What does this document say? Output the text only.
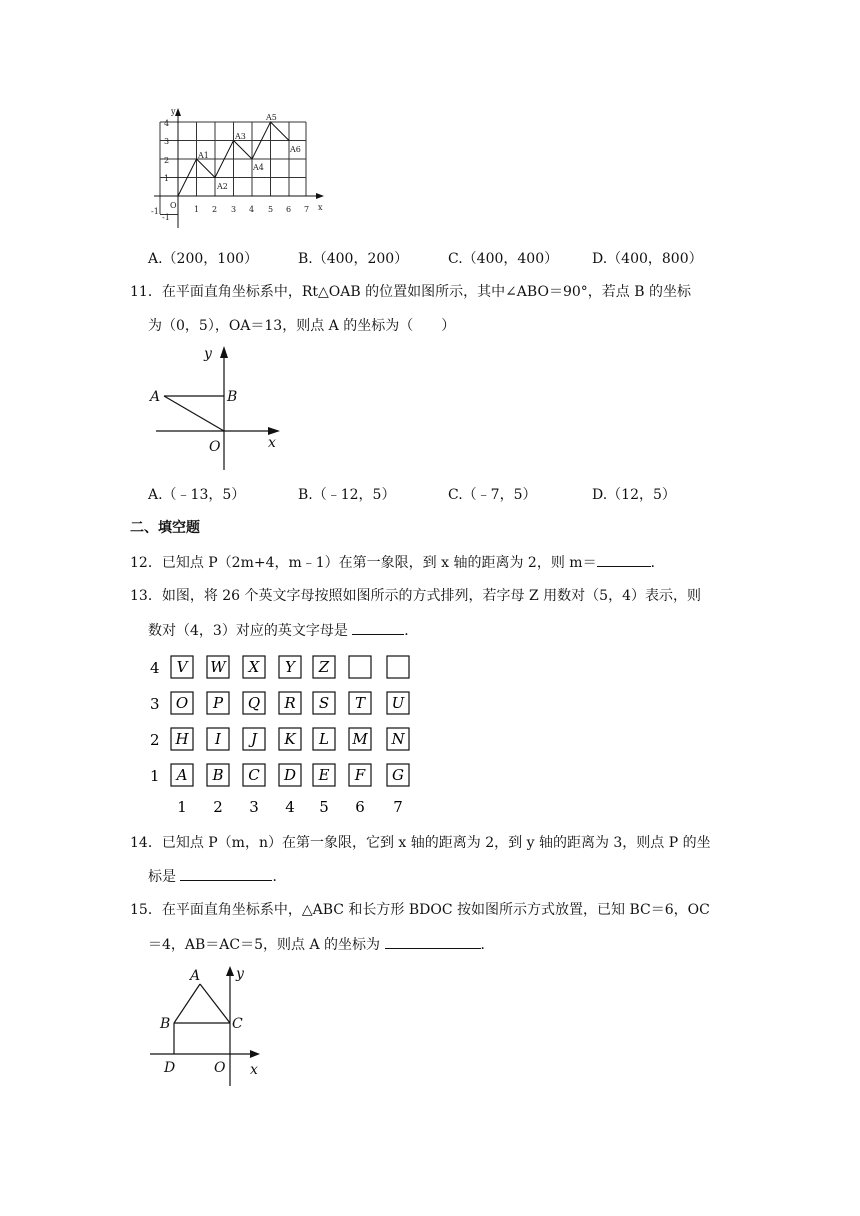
y
x
O
-1	1 2 3 4 5 6 7
1
2
3
4
-1
A1
A2
A3
A4
A5
A6
A.（200，100）	B.（400，200）	C.（400，400） D.（400，800）
11．在平面直角坐标系中，Rt△OAB 的位置如图所示，其中∠ABO＝90°，若点 B 的坐标
为（0，5），OA＝13，则点 A 的坐标为（　　）
y
A	B
O	x
A.（﹣13，5）	B.（﹣12，5）	C.（﹣7，5）	D.（12，5）
二、填空题
12．已知点 P（2m+4，m﹣1）在第一象限，到 x 轴的距离为 2，则 m＝	．
13．如图，将 26 个英文字母按照如图所示的方式排列，若字母 Z 用数对（5，4）表示，则
数对（4，3）对应的英文字母是	．
4 V W X Y Z
3 O P Q R S T U
2 H I J K L M N
1 A B C D E F G
1 2 3 4 5 6 7
14．已知点 P（m，n）在第一象限，它到 x 轴的距离为 2，到 y 轴的距离为 3，则点 P 的坐
标是	．
15．在平面直角坐标系中，△ABC 和长方形 BDOC 按如图所示方式放置，已知 BC＝6，OC
＝4，AB＝AC＝5，则点 A 的坐标为	．
A	y
B	C
D	O x
